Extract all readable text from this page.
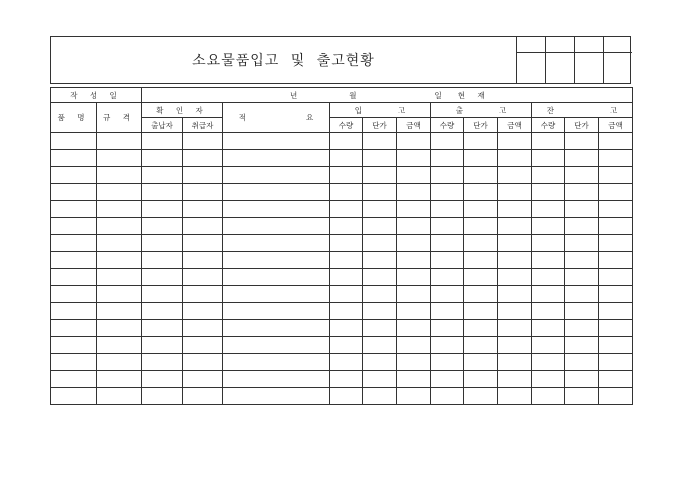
소요물품입고 및 출고현황
작 성 일		년 월 일 현 재											
품 명	규 격	확 인 자		적 요	입 고			출 고			잔 고		
		출납자	취급자		수량	단가	금액	수량	단가	금액	수량	단가	금액
